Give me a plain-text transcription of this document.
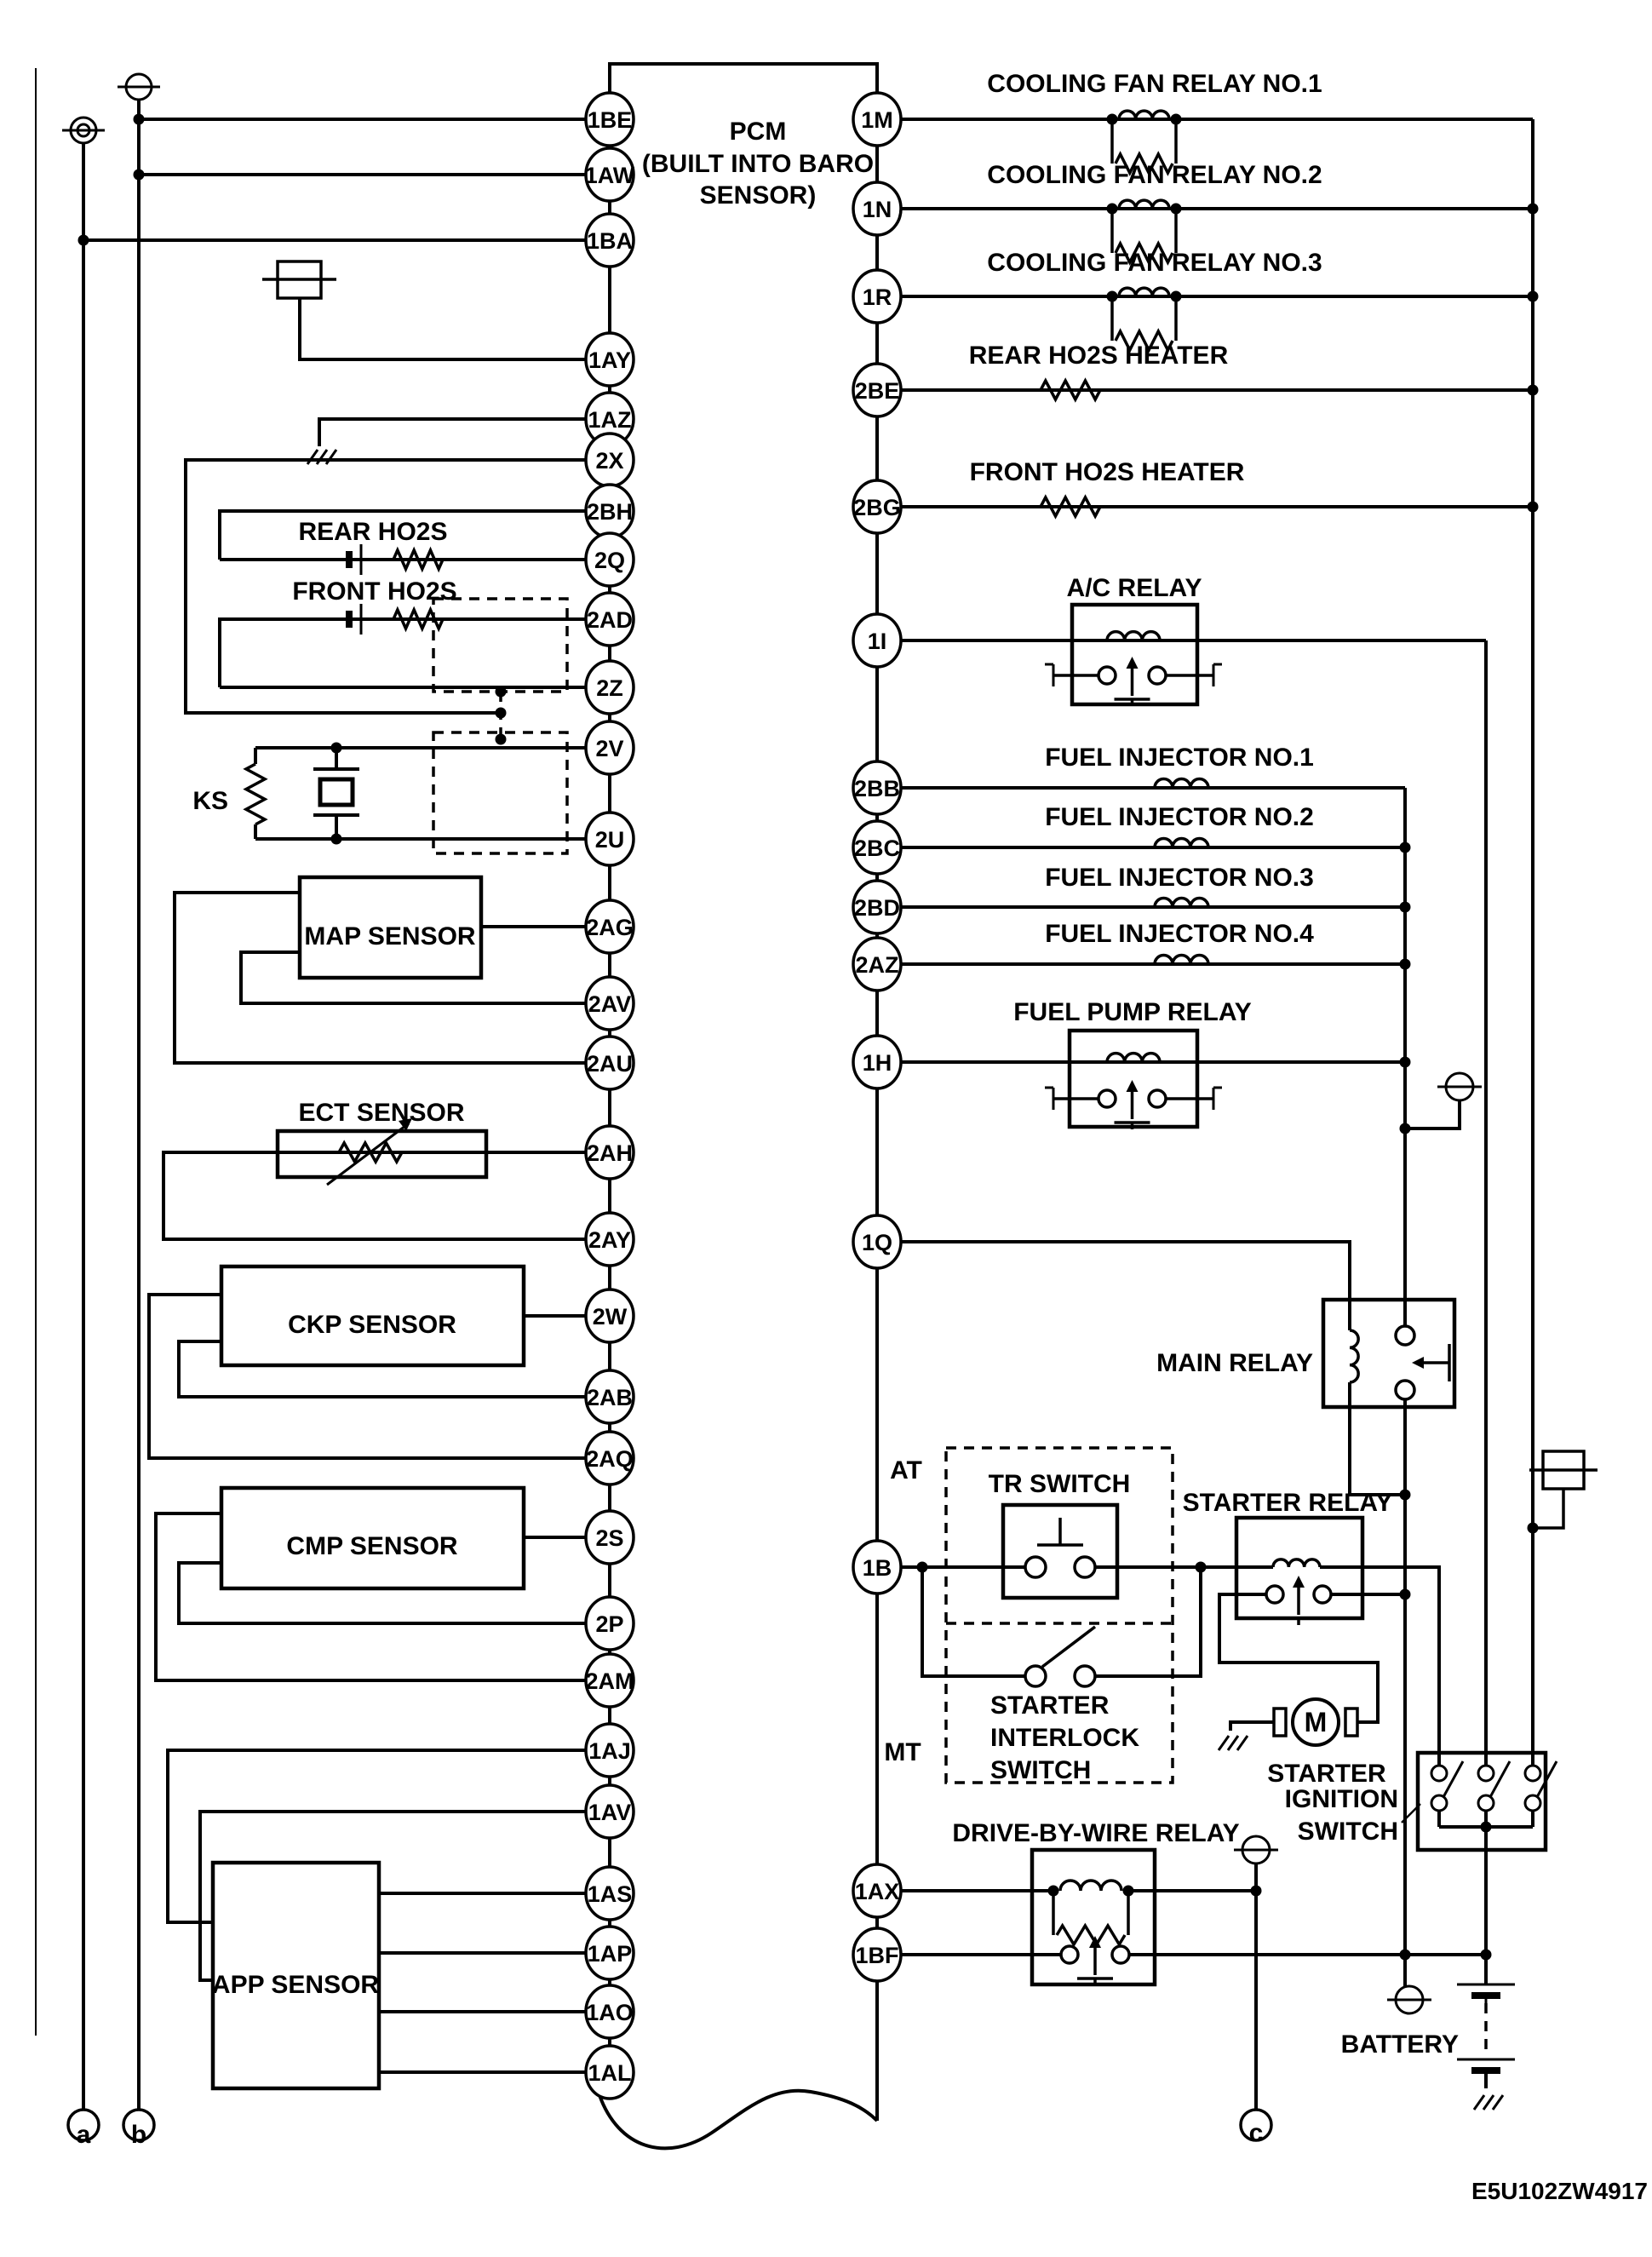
M
1BE
1AW
1BA
1AY
1AZ
2X
2BH
2Q
2AD
2Z
2V
2U
2AG
2AV
2AU
2AH
2AY
2W
2AB
2AQ
2S
2P
2AM
1AJ
1AV
1AS
1AP
1AO
1AL
1M
1N
1R
2BE
2BG
1I
2BB
2BC
2BD
2AZ
1H
1Q
1B
1AX
1BF
COOLING FAN RELAY NO.1
COOLING FAN RELAY NO.2
COOLING FAN RELAY NO.3
REAR HO2S HEATER
FRONT HO2S HEATER
A/C RELAY
FUEL INJECTOR NO.1
FUEL INJECTOR NO.2
FUEL INJECTOR NO.3
FUEL INJECTOR NO.4
FUEL PUMP RELAY
MAIN RELAY
AT
MT
TR SWITCH
STARTER
INTERLOCK
SWITCH
STARTER RELAY
STARTER
IGNITION
SWITCH
DRIVE-BY-WIRE RELAY
BATTERY
REAR HO2S
FRONT HO2S
KS
MAP SENSOR
ECT SENSOR
CKP SENSOR
CMP SENSOR
APP SENSOR
a b	c
E5U102ZW4917
PCM
(BUILT INTO BARO
SENSOR)
